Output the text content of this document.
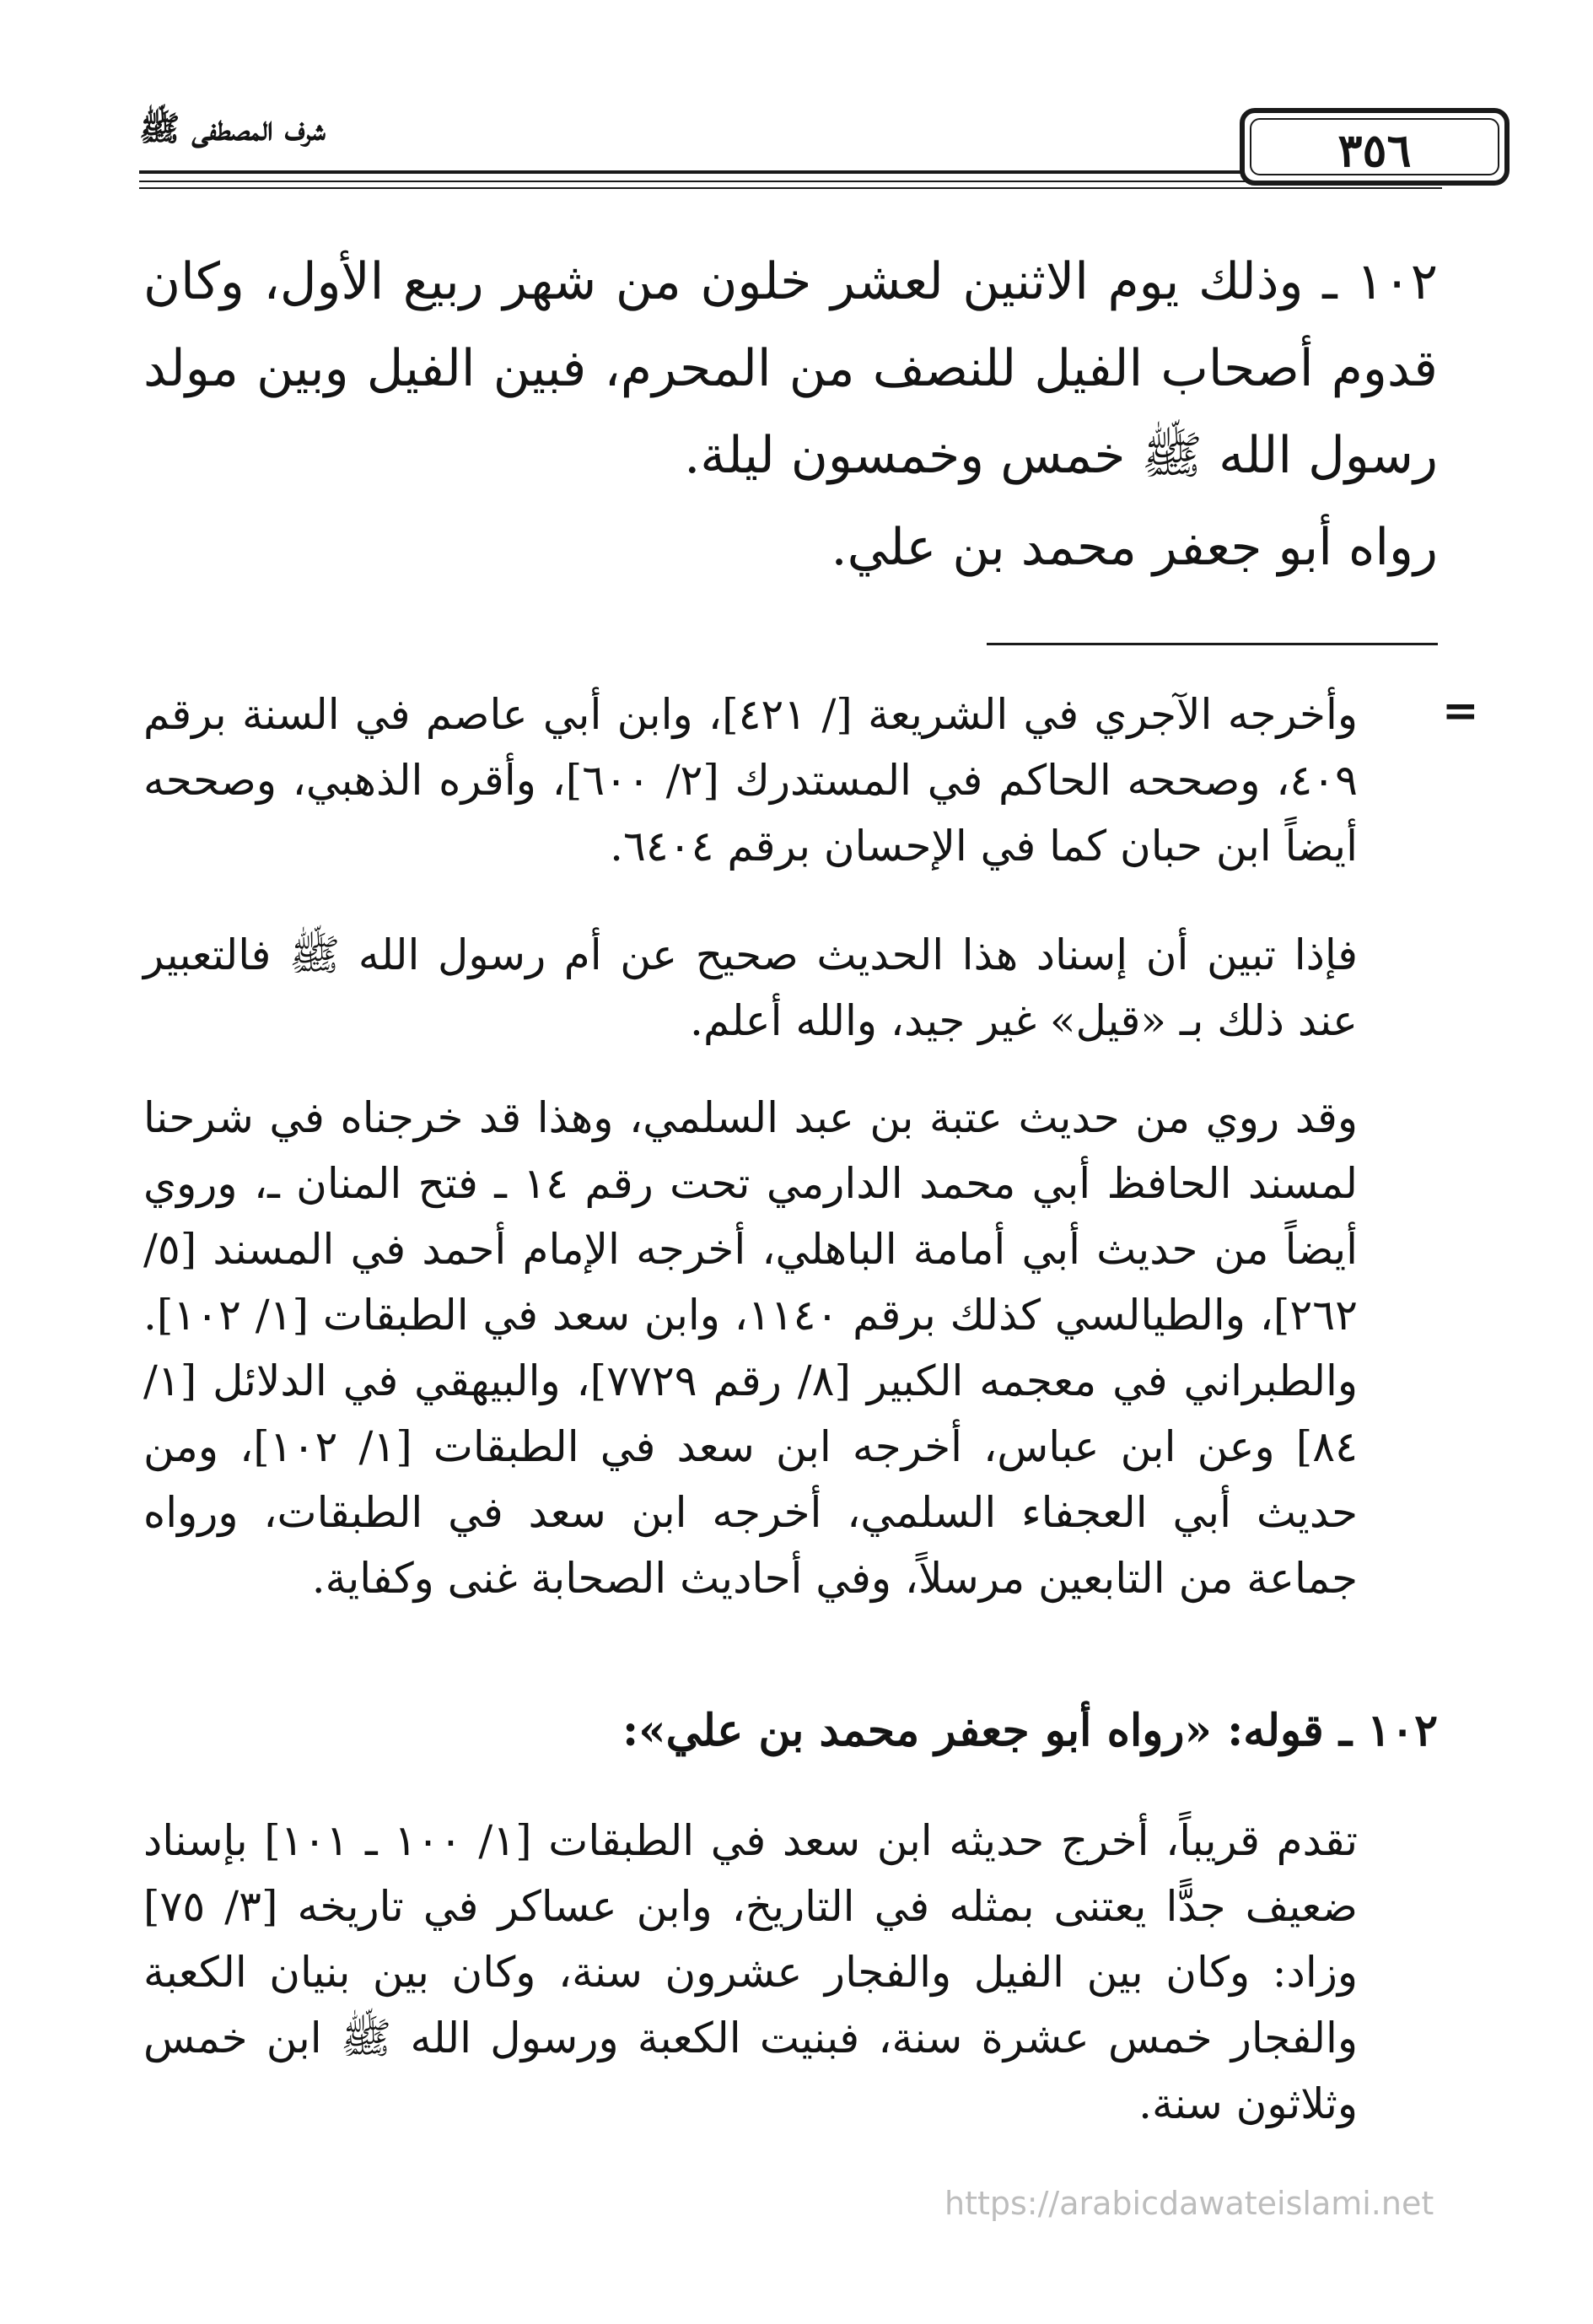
شرف المصطفى ﷺ	٣٥٦
١٠٢ ـ وذلك يوم الاثنين لعشر خلون من شهر ربيع الأول، وكان قدوم أصحاب الفيل للنصف من المحرم، فبين الفيل وبين مولد رسول الله ﷺ خمس وخمسون ليلة.
رواه أبو جعفر محمد بن علي.
=
وأخرجه الآجري في الشريعة [/ ٤٢١]، وابن أبي عاصم في السنة برقم ٤٠٩، وصححه الحاكم في المستدرك [٢/ ٦٠٠]، وأقره الذهبي، وصححه أيضاً ابن حبان كما في الإحسان برقم ٦٤٠٤.
فإذا تبين أن إسناد هذا الحديث صحيح عن أم رسول الله ﷺ فالتعبير عند ذلك بـ «قيل» غير جيد، والله أعلم.
وقد روي من حديث عتبة بن عبد السلمي، وهذا قد خرجناه في شرحنا لمسند الحافظ أبي محمد الدارمي تحت رقم ١٤ ـ فتح المنان ـ، وروي أيضاً من حديث أبي أمامة الباهلي، أخرجه الإمام أحمد في المسند [٥/ ٢٦٢]، والطيالسي كذلك برقم ١١٤٠، وابن سعد في الطبقات [١/ ١٠٢]. والطبراني في معجمه الكبير [٨/ رقم ٧٧٢٩]، والبيهقي في الدلائل [١/ ٨٤] وعن ابن عباس، أخرجه ابن سعد في الطبقات [١/ ١٠٢]، ومن حديث أبي العجفاء السلمي، أخرجه ابن سعد في الطبقات، ورواه جماعة من التابعين مرسلاً، وفي أحاديث الصحابة غنى وكفاية.
١٠٢ ـ قوله: «رواه أبو جعفر محمد بن علي»:
تقدم قريباً، أخرج حديثه ابن سعد في الطبقات [١/ ١٠٠ ـ ١٠١] بإسناد ضعيف جدًّا يعتنى بمثله في التاريخ، وابن عساكر في تاريخه [٣/ ٧٥] وزاد: وكان بين الفيل والفجار عشرون سنة، وكان بين بنيان الكعبة والفجار خمس عشرة سنة، فبنيت الكعبة ورسول الله ﷺ ابن خمس وثلاثون سنة.
https://arabicdawateislami.net
